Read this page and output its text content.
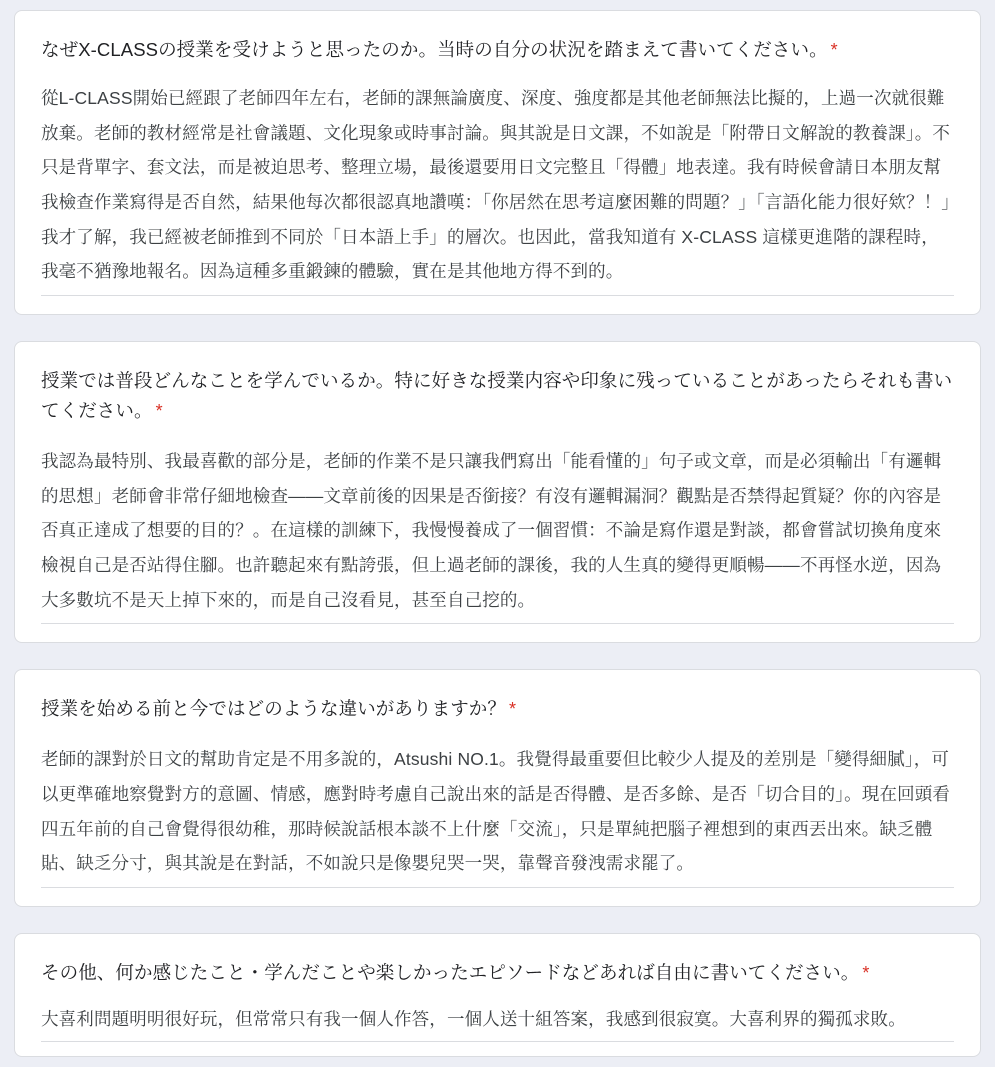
なぜX-CLASSの授業を受けようと思ったのか。当時の自分の状況を踏まえて書いてください。 *

從L-CLASS開始已經跟了老師四年左右，老師的課無論廣度、深度、強度都是其他老師無法比擬的，上過一次就很難放棄。老師的教材經常是社會議題、文化現象或時事討論。與其說是日文課，不如說是「附帶日文解說的教養課」。不只是背單字、套文法，而是被迫思考、整理立場，最後還要用日文完整且「得體」地表達。我有時候會請日本朋友幫我檢查作業寫得是否自然，結果他每次都很認真地讚嘆：「你居然在思考這麼困難的問題？」「言語化能力很好欸？！」我才了解，我已經被老師推到不同於「日本語上手」的層次。也因此，當我知道有 X-CLASS 這樣更進階的課程時，我毫不猶豫地報名。因為這種多重鍛鍊的體驗，實在是其他地方得不到的。

授業では普段どんなことを学んでいるか。特に好きな授業内容や印象に残っていることがあったらそれも書いてください。 *

我認為最特別、我最喜歡的部分是，老師的作業不是只讓我們寫出「能看懂的」句子或文章，而是必須輸出「有邏輯的思想」老師會非常仔細地檢查——文章前後的因果是否銜接？有沒有邏輯漏洞？觀點是否禁得起質疑？你的內容是否真正達成了想要的目的？。在這樣的訓練下，我慢慢養成了一個習慣：不論是寫作還是對談，都會嘗試切換角度來檢視自己是否站得住腳。也許聽起來有點誇張，但上過老師的課後，我的人生真的變得更順暢——不再怪水逆，因為大多數坑不是天上掉下來的，而是自己沒看見，甚至自己挖的。

授業を始める前と今ではどのような違いがありますか？ *

老師的課對於日文的幫助肯定是不用多說的，Atsushi NO.1。我覺得最重要但比較少人提及的差別是「變得細膩」，可以更準確地察覺對方的意圖、情感，應對時考慮自己說出來的話是否得體、是否多餘、是否「切合目的」。現在回頭看四五年前的自己會覺得很幼稚，那時候說話根本談不上什麼「交流」，只是單純把腦子裡想到的東西丟出來。缺乏體貼、缺乏分寸，與其說是在對話，不如說只是像嬰兒哭一哭，靠聲音發洩需求罷了。

その他、何か感じたこと・学んだことや楽しかったエピソードなどあれば自由に書いてください。 *

大喜利問題明明很好玩，但常常只有我一個人作答，一個人送十組答案，我感到很寂寞。大喜利界的獨孤求敗。
